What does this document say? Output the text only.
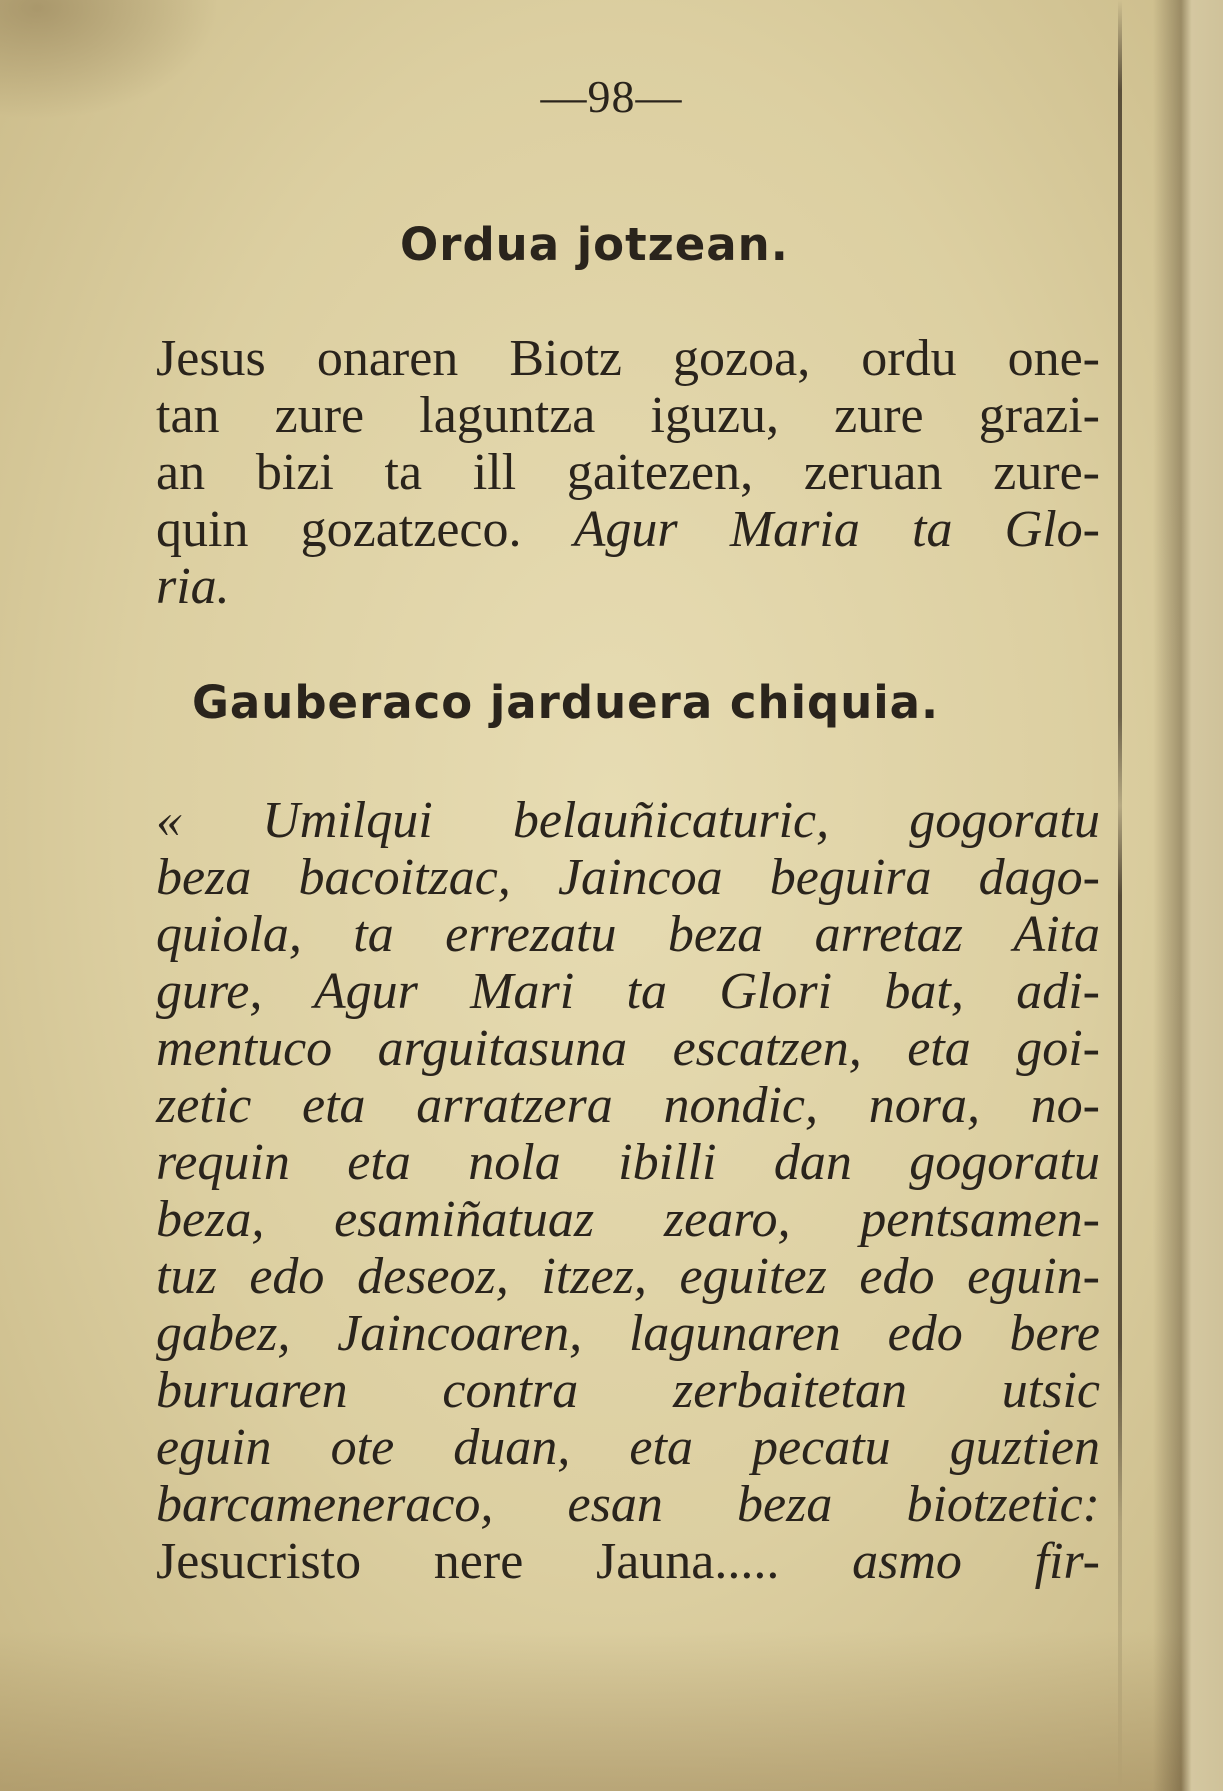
—98—
Ordua jotzean.
Jesus onaren Biotz gozoa, ordu one-
tan zure laguntza iguzu, zure grazi-
an bizi ta ill gaitezen, zeruan zure-
quin gozatzeco. Agur Maria ta Glo-
ria.
Gauberaco jarduera chiquia.
« Umilqui belauñicaturic, gogoratu
beza bacoitzac, Jaincoa beguira dago-
quiola, ta errezatu beza arretaz Aita
gure, Agur Mari ta Glori bat, adi-
mentuco arguitasuna escatzen, eta goi-
zetic eta arratzera nondic, nora, no-
requin eta nola ibilli dan gogoratu
beza, esamiñatuaz zearo, pentsamen-
tuz edo deseoz, itzez, eguitez edo eguin-
gabez, Jaincoaren, lagunaren edo bere
buruaren contra zerbaitetan utsic
eguin ote duan, eta pecatu guztien
barcameneraco, esan beza biotzetic:
Jesucristo nere Jauna..... asmo fir-
